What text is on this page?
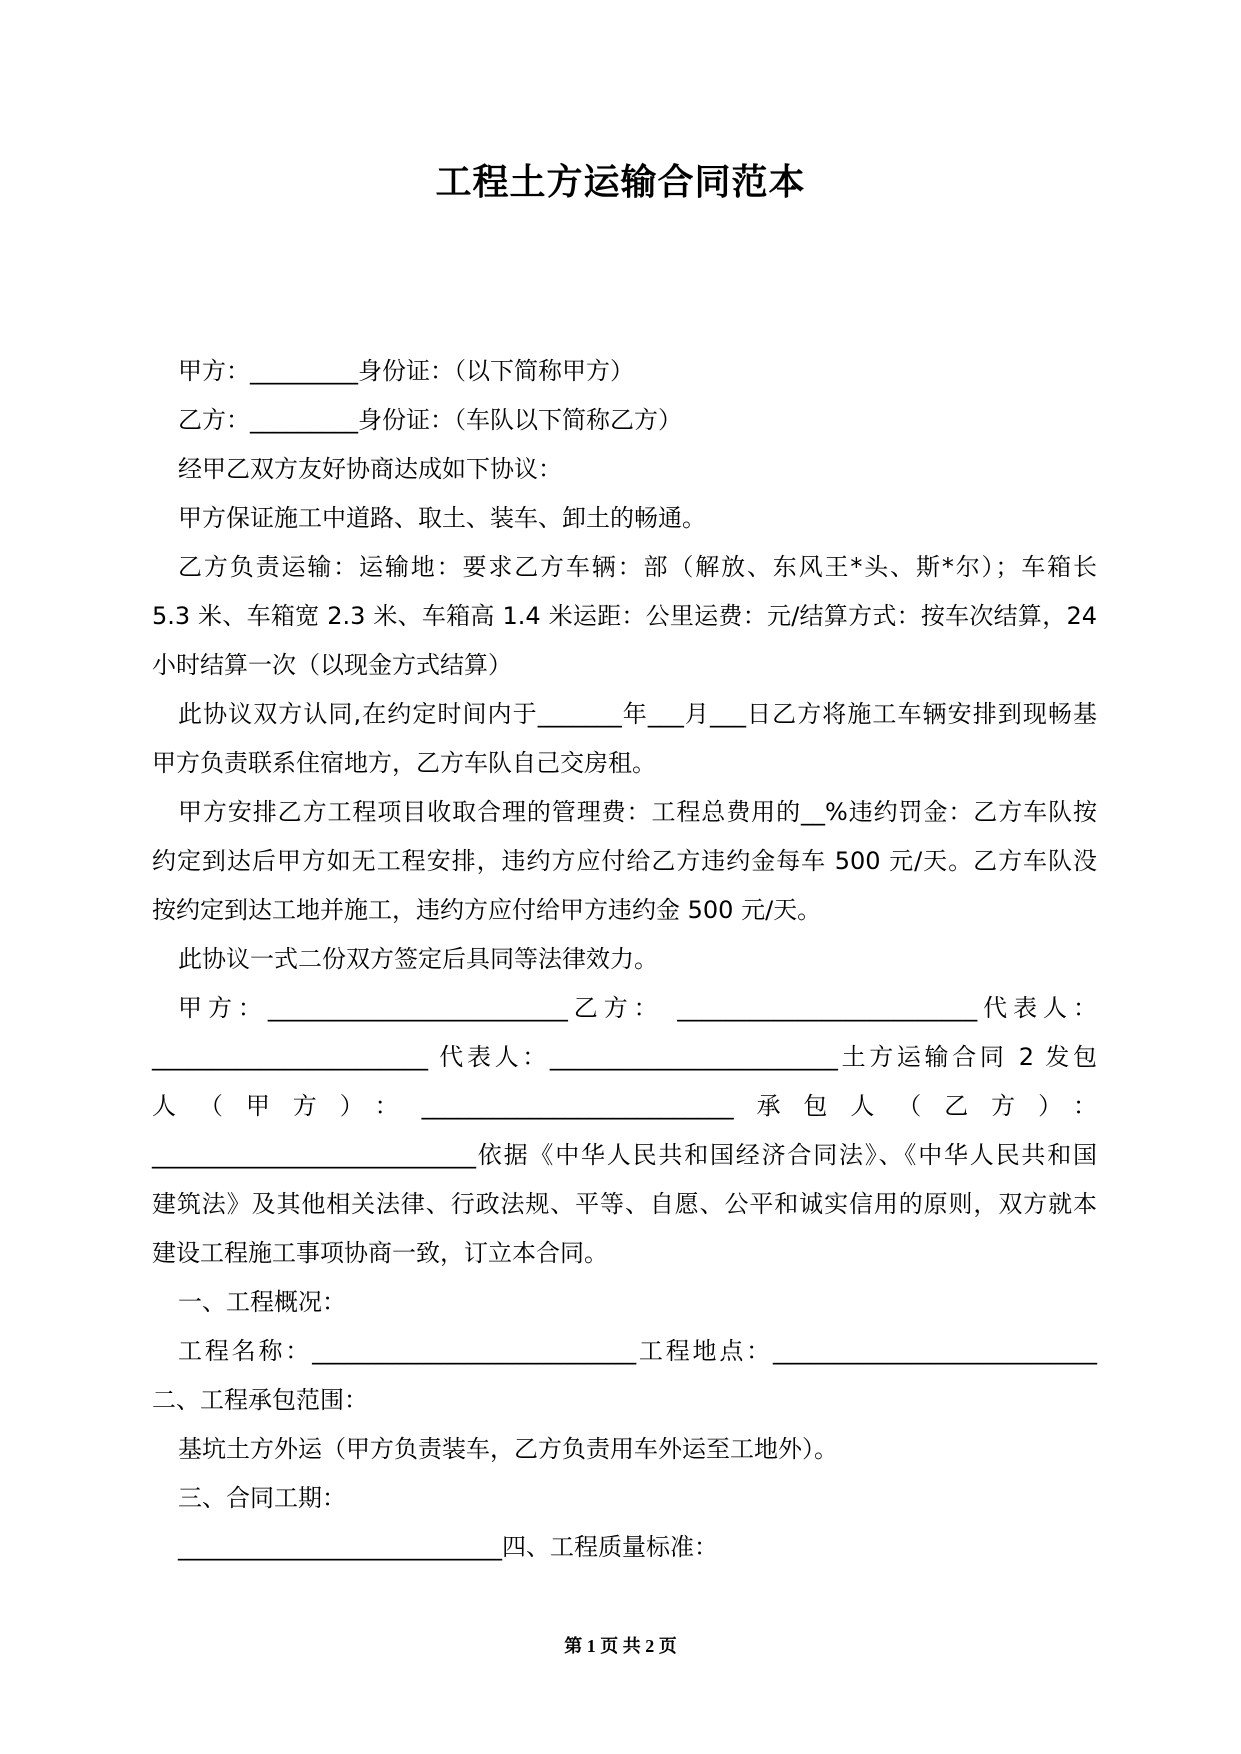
工程土方运输合同范本
甲方：_________身份证：（以下简称甲方）
乙方：_________身份证：（车队以下简称乙方）
经甲乙双方友好协商达成如下协议：
甲方保证施工中道路、取土、装车、卸土的畅通。
乙方负责运输：运输地：要求乙方车辆：部（解放、东风王*头、斯*尔）；车箱长
5.3 米、车箱宽 2.3 米、车箱高 1.4 米运距：公里运费：元/结算方式：按车次结算，24
小时结算一次（以现金方式结算）
此协议双方认同,在约定时间内于_______年___月___日乙方将施工车辆安排到现畅基
甲方负责联系住宿地方，乙方车队自己交房租。
甲方安排乙方工程项目收取合理的管理费：工程总费用的__%违约罚金：乙方车队按
约定到达后甲方如无工程安排，违约方应付给乙方违约金每车 500 元/天。乙方车队没
按约定到达工地并施工，违约方应付给甲方违约金 500 元/天。
此协议一式二份双方签定后具同等法律效力。
甲方：_________________________乙方： _________________________代表人：
_______________________ 代表人：________________________土方运输合同 2 发包
人（甲方）：__________________________承包人（乙方）：
___________________________依据《中华人民共和国经济合同法》、《中华人民共和国
建筑法》及其他相关法律、行政法规、平等、自愿、公平和诚实信用的原则，双方就本
建设工程施工事项协商一致，订立本合同。
一、工程概况：
工程名称：___________________________工程地点：___________________________
二、工程承包范围：
基坑土方外运（甲方负责装车，乙方负责用车外运至工地外）。
三、合同工期：
___________________________四、工程质量标准：
第 1 页 共 2 页
